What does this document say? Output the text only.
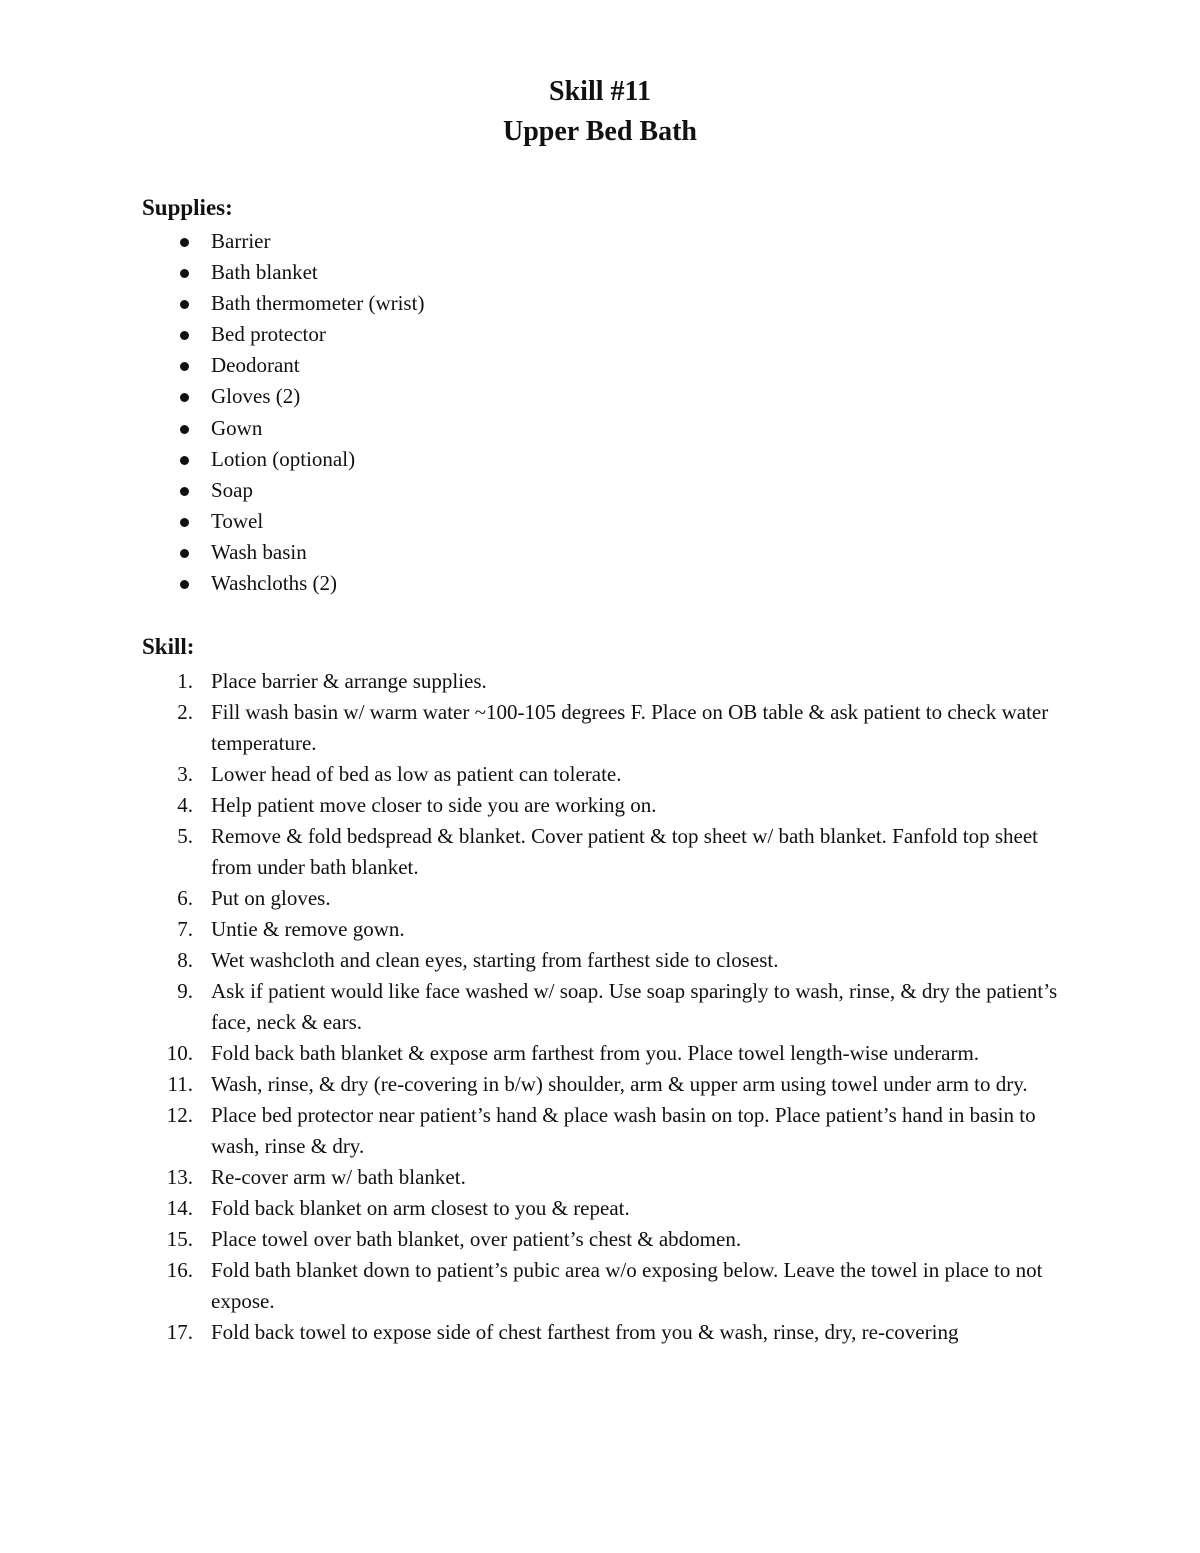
Skill #11
Upper Bed Bath
Supplies:
Barrier
Bath blanket
Bath thermometer (wrist)
Bed protector
Deodorant
Gloves (2)
Gown
Lotion (optional)
Soap
Towel
Wash basin
Washcloths (2)
Skill:
1. Place barrier & arrange supplies.
2. Fill wash basin w/ warm water ~100-105 degrees F. Place on OB table & ask patient to check water temperature.
3. Lower head of bed as low as patient can tolerate.
4. Help patient move closer to side you are working on.
5. Remove & fold bedspread & blanket. Cover patient & top sheet w/ bath blanket. Fanfold top sheet from under bath blanket.
6. Put on gloves.
7. Untie & remove gown.
8. Wet washcloth and clean eyes, starting from farthest side to closest.
9. Ask if patient would like face washed w/ soap. Use soap sparingly to wash, rinse, & dry the patient’s face, neck & ears.
10. Fold back bath blanket & expose arm farthest from you. Place towel length-wise underarm.
11. Wash, rinse, & dry (re-covering in b/w) shoulder, arm & upper arm using towel under arm to dry.
12. Place bed protector near patient’s hand & place wash basin on top. Place patient’s hand in basin to wash, rinse & dry.
13. Re-cover arm w/ bath blanket.
14. Fold back blanket on arm closest to you & repeat.
15. Place towel over bath blanket, over patient’s chest & abdomen.
16. Fold bath blanket down to patient’s pubic area w/o exposing below. Leave the towel in place to not expose.
17. Fold back towel to expose side of chest farthest from you & wash, rinse, dry, re-covering
